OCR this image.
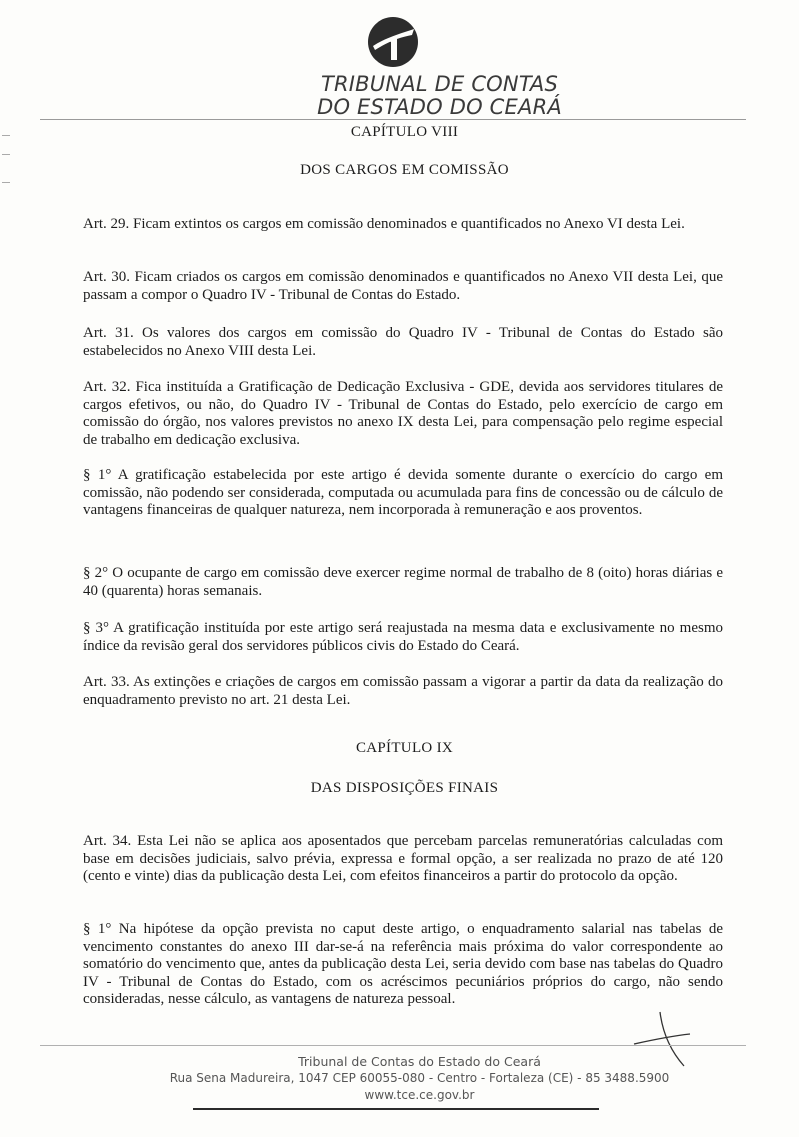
TRIBUNAL DE CONTAS
DO ESTADO DO CEARÁ
CAPÍTULO VIII
DOS CARGOS EM COMISSÃO
Art. 29. Ficam extintos os cargos em comissão denominados e quantificados no Anexo VI desta Lei.
Art. 30. Ficam criados os cargos em comissão denominados e quantificados no Anexo VII desta Lei, que passam a compor o Quadro IV - Tribunal de Contas do Estado.
Art. 31. Os valores dos cargos em comissão do Quadro IV - Tribunal de Contas do Estado são estabelecidos no Anexo VIII desta Lei.
Art. 32. Fica instituída a Gratificação de Dedicação Exclusiva - GDE, devida aos servidores titulares de cargos efetivos, ou não, do Quadro IV - Tribunal de Contas do Estado, pelo exercício de cargo em comissão do órgão, nos valores previstos no anexo IX desta Lei, para compensação pelo regime especial de trabalho em dedicação exclusiva.
§ 1° A gratificação estabelecida por este artigo é devida somente durante o exercício do cargo em comissão, não podendo ser considerada, computada ou acumulada para fins de concessão ou de cálculo de vantagens financeiras de qualquer natureza, nem incorporada à remuneração e aos proventos.
§ 2° O ocupante de cargo em comissão deve exercer regime normal de trabalho de 8 (oito) horas diárias e 40 (quarenta) horas semanais.
§ 3° A gratificação instituída por este artigo será reajustada na mesma data e exclusivamente no mesmo índice da revisão geral dos servidores públicos civis do Estado do Ceará.
Art. 33. As extinções e criações de cargos em comissão passam a vigorar a partir da data da realização do enquadramento previsto no art. 21 desta Lei.
CAPÍTULO IX
DAS DISPOSIÇÕES FINAIS
Art. 34. Esta Lei não se aplica aos aposentados que percebam parcelas remuneratórias calculadas com base em decisões judiciais, salvo prévia, expressa e formal opção, a ser realizada no prazo de até 120 (cento e vinte) dias da publicação desta Lei, com efeitos financeiros a partir do protocolo da opção.
§ 1° Na hipótese da opção prevista no caput deste artigo, o enquadramento salarial nas tabelas de vencimento constantes do anexo III dar-se-á na referência mais próxima do valor correspondente ao somatório do vencimento que, antes da publicação desta Lei, seria devido com base nas tabelas do Quadro IV - Tribunal de Contas do Estado, com os acréscimos pecuniários próprios do cargo, não sendo consideradas, nesse cálculo, as vantagens de natureza pessoal.
Tribunal de Contas do Estado do Ceará
Rua Sena Madureira, 1047 CEP 60055-080 - Centro - Fortaleza (CE) - 85 3488.5900
www.tce.ce.gov.br
